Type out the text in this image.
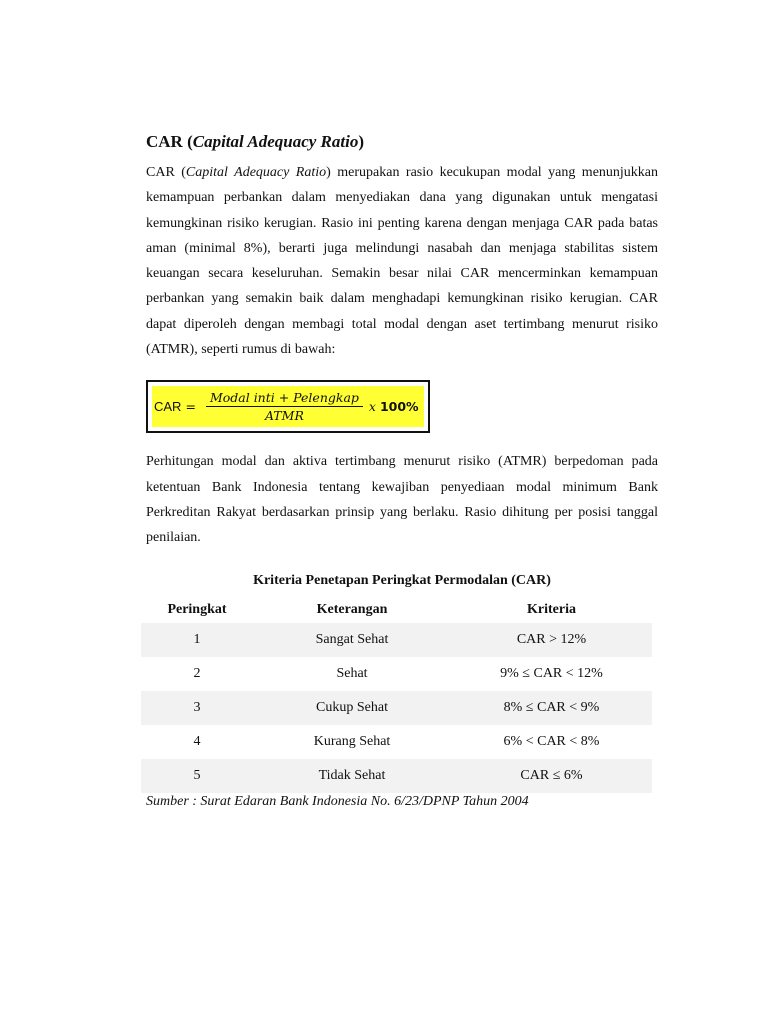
CAR (Capital Adequacy Ratio)

CAR (Capital Adequacy Ratio) merupakan rasio kecukupan modal yang menunjukkan kemampuan perbankan dalam menyediakan dana yang digunakan untuk mengatasi kemungkinan risiko kerugian. Rasio ini penting karena dengan menjaga CAR pada batas aman (minimal 8%), berarti juga melindungi nasabah dan menjaga stabilitas sistem keuangan secara keseluruhan. Semakin besar nilai CAR mencerminkan kemampuan perbankan yang semakin baik dalam menghadapi kemungkinan risiko kerugian. CAR dapat diperoleh dengan membagi total modal dengan aset tertimbang menurut risiko (ATMR), seperti rumus di bawah:

CAR = $\frac{\text{Modal inti + Pelengkap}}{\text{ATMR}}$ x 100%

Perhitungan modal dan aktiva tertimbang menurut risiko (ATMR) berpedoman pada ketentuan Bank Indonesia tentang kewajiban penyediaan modal minimum Bank Perkreditan Rakyat berdasarkan prinsip yang berlaku. Rasio dihitung per posisi tanggal penilaian.

Kriteria Penetapan Peringkat Permodalan (CAR)
Peringkat	Keterangan	Kriteria
1	Sangat Sehat	CAR > 12%
2	Sehat	9% ≤ CAR < 12%
3	Cukup Sehat	8% ≤ CAR < 9%
4	Kurang Sehat	6% < CAR < 8%
5	Tidak Sehat	CAR ≤ 6%
Sumber : Surat Edaran Bank Indonesia No. 6/23/DPNP Tahun 2004
